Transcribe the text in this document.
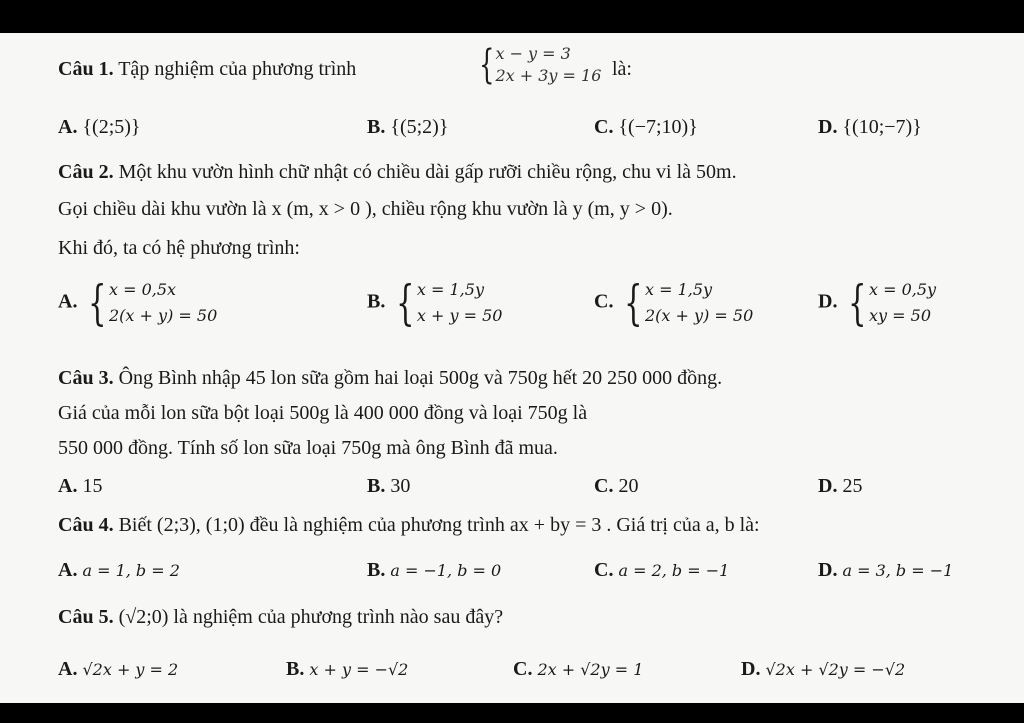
Câu 1. Tập nghiệm của phương trình	{ x − y = 3
2x + 3y = 16 là:
A. {(2;5)}	B. {(5;2)}	C. {(−7;10)}	D. {(10;−7)}
Câu 2. Một khu vườn hình chữ nhật có chiều dài gấp rưỡi chiều rộng, chu vi là 50m.
Gọi chiều dài khu vườn là x (m, x > 0 ), chiều rộng khu vườn là y (m, y > 0).
Khi đó, ta có hệ phương trình:
A. { x = 0,5x
2(x + y) = 50
B. { x = 1,5y
x + y = 50
C. { x = 1,5y
2(x + y) = 50
D. { x = 0,5y
xy = 50
Câu 3. Ông Bình nhập 45 lon sữa gồm hai loại 500g và 750g hết 20 250 000 đồng.
Giá của mỗi lon sữa bột loại 500g là 400 000 đồng và loại 750g là
550 000 đồng. Tính số lon sữa loại 750g mà ông Bình đã mua.
A. 15	B. 30	C. 20	D. 25
Câu 4. Biết (2;3), (1;0) đều là nghiệm của phương trình ax + by = 3 . Giá trị của a, b là:
A. a = 1, b = 2	B. a = −1, b = 0	C. a = 2, b = −1	D. a = 3, b = −1
Câu 5. (√2;0) là nghiệm của phương trình nào sau đây?
A. √2x + y = 2	B. x + y = −√2	C. 2x + √2y = 1	D. √2x + √2y = −√2
